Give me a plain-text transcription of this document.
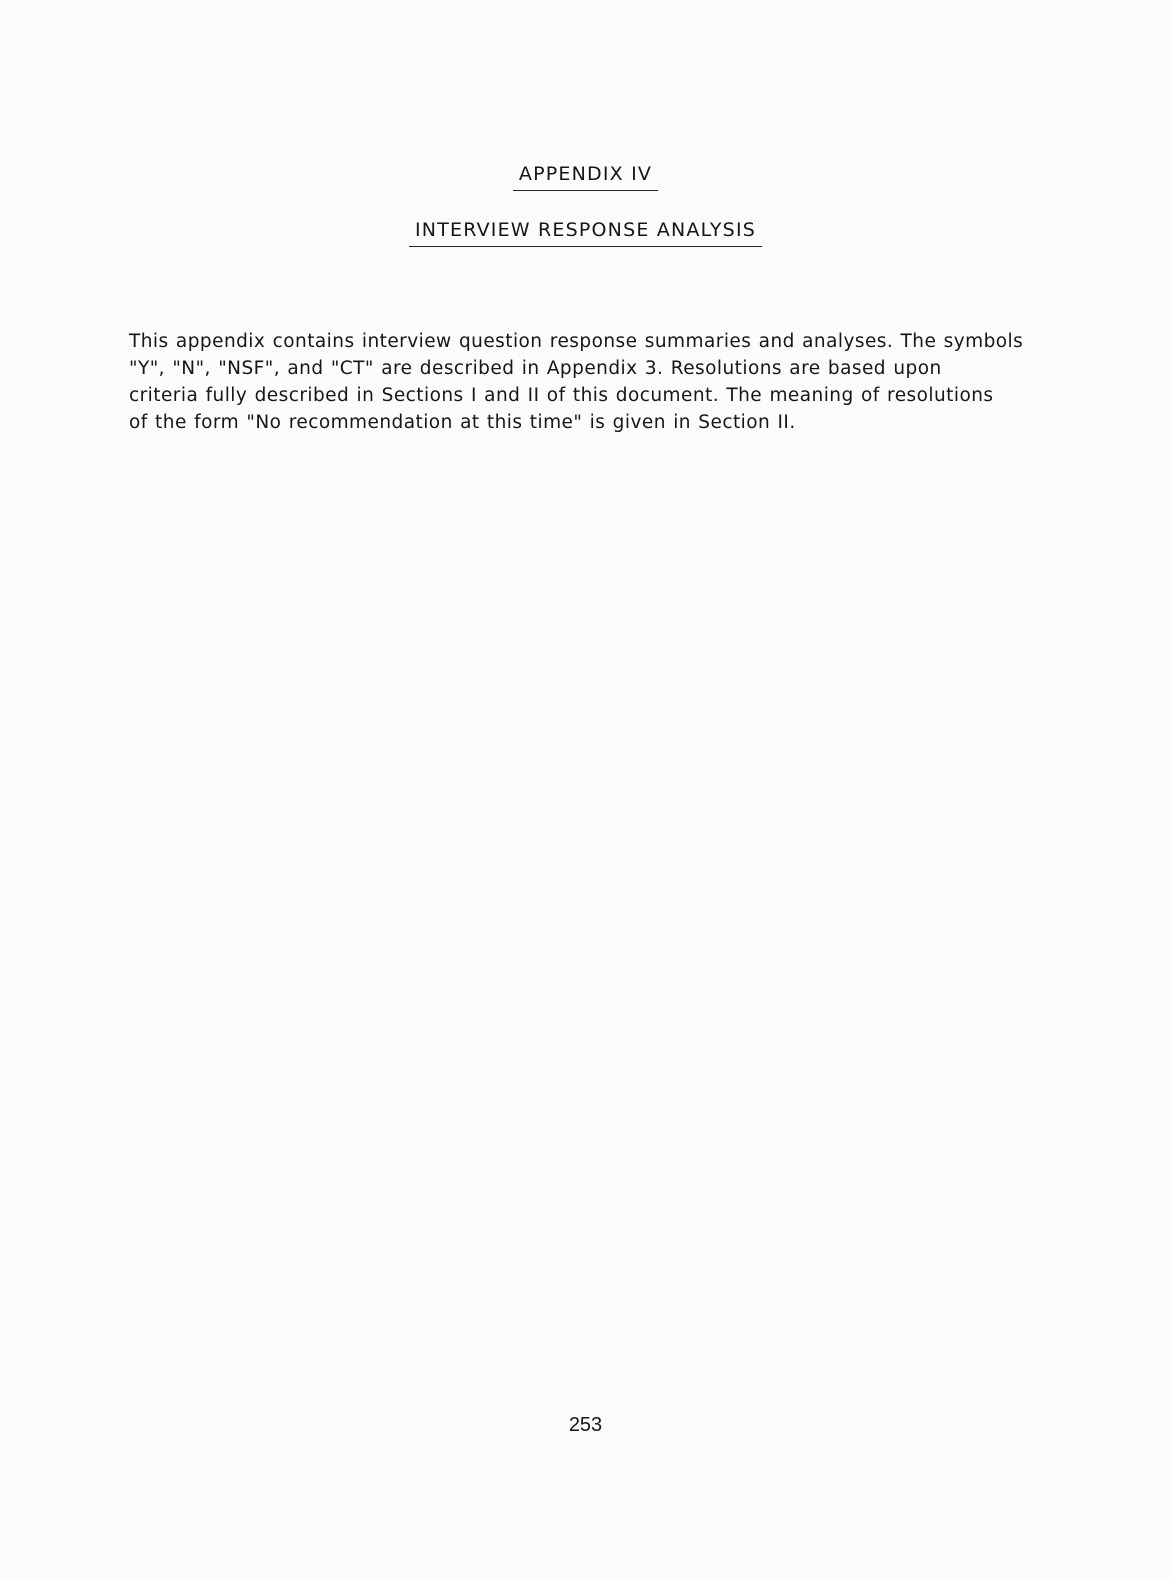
APPENDIX IV
INTERVIEW RESPONSE ANALYSIS
This appendix contains interview question response summaries and analyses. The symbols
"Y", "N", "NSF", and "CT" are described in Appendix 3. Resolutions are based upon
criteria fully described in Sections I and II of this document. The meaning of resolutions
of the form "No recommendation at this time" is given in Section II.
253
